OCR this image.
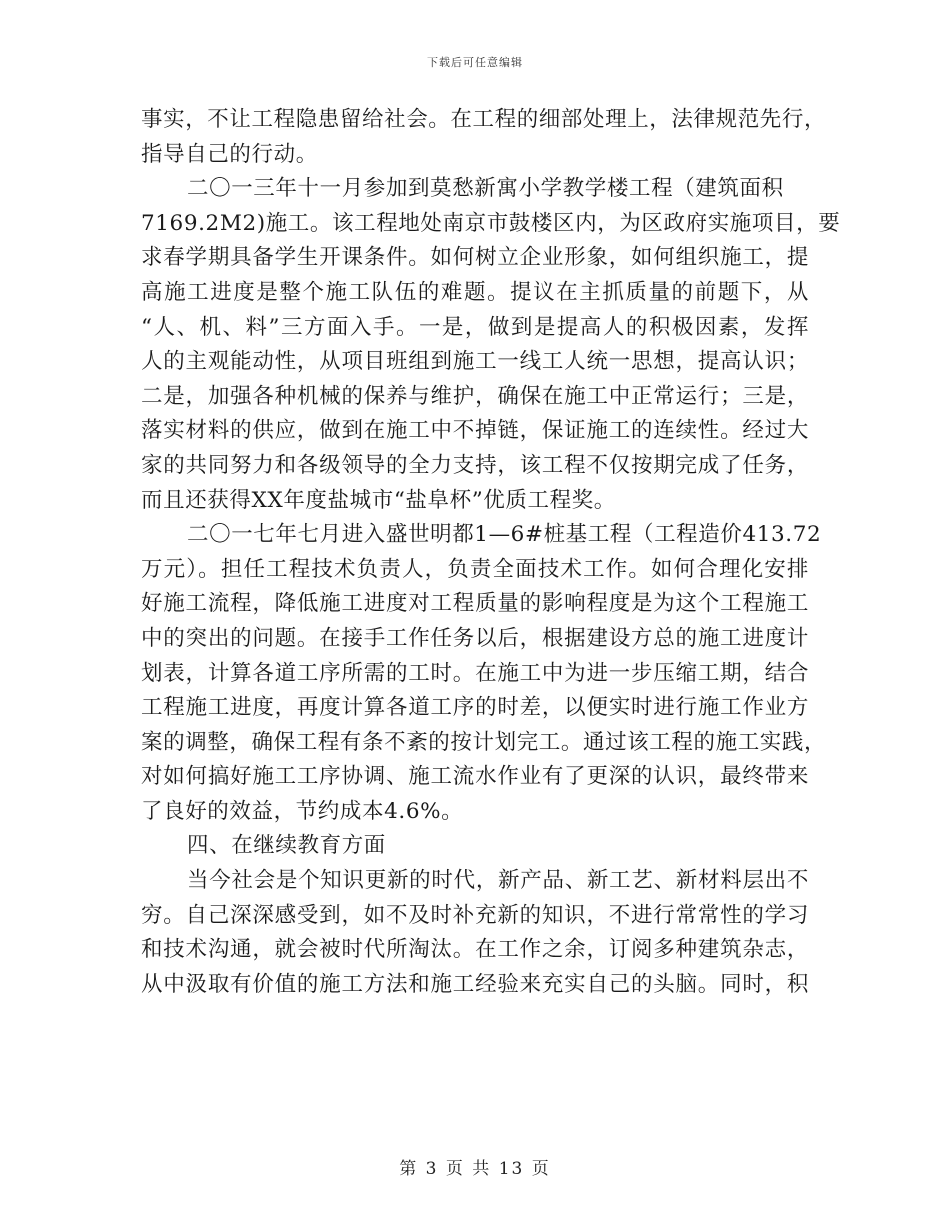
下载后可任意编辑
事实，不让工程隐患留给社会。在工程的细部处理上，法律规范先行，
指导自己的行动。
二〇一三年十一月参加到莫愁新寓小学教学楼工程（建筑面积
7169.2M2)施工。该工程地处南京市鼓楼区内，为区政府实施项目，要
求春学期具备学生开课条件。如何树立企业形象，如何组织施工，提
高施工进度是整个施工队伍的难题。提议在主抓质量的前题下，从
“人、机、料”三方面入手。一是，做到是提高人的积极因素，发挥
人的主观能动性，从项目班组到施工一线工人统一思想，提高认识；
二是，加强各种机械的保养与维护，确保在施工中正常运行；三是，
落实材料的供应，做到在施工中不掉链，保证施工的连续性。经过大
家的共同努力和各级领导的全力支持，该工程不仅按期完成了任务，
而且还获得XX年度盐城市“盐阜杯”优质工程奖。
二〇一七年七月进入盛世明都1—6#桩基工程（工程造价413.72
万元）。担任工程技术负责人，负责全面技术工作。如何合理化安排
好施工流程，降低施工进度对工程质量的影响程度是为这个工程施工
中的突出的问题。在接手工作任务以后，根据建设方总的施工进度计
划表，计算各道工序所需的工时。在施工中为进一步压缩工期，结合
工程施工进度，再度计算各道工序的时差，以便实时进行施工作业方
案的调整，确保工程有条不紊的按计划完工。通过该工程的施工实践，
对如何搞好施工工序协调、施工流水作业有了更深的认识，最终带来
了良好的效益，节约成本4.6%。
四、在继续教育方面
当今社会是个知识更新的时代，新产品、新工艺、新材料层出不
穷。自己深深感受到，如不及时补充新的知识，不进行常常性的学习
和技术沟通，就会被时代所淘汰。在工作之余，订阅多种建筑杂志，
从中汲取有价值的施工方法和施工经验来充实自己的头脑。同时，积
第 3 页 共 13 页
